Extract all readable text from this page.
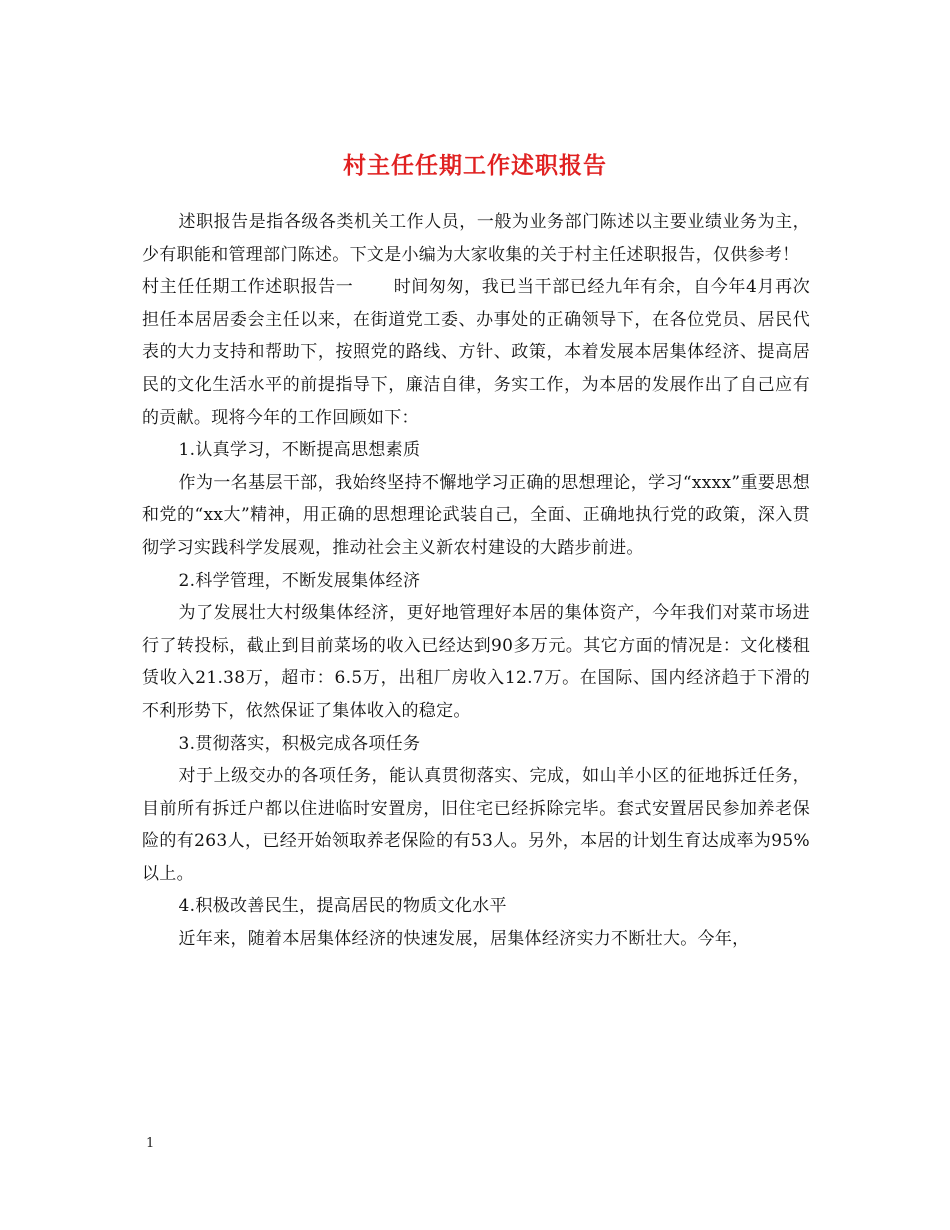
村主任任期工作述职报告

述职报告是指各级各类机关工作人员，一般为业务部门陈述以主要业绩业务为主，少有职能和管理部门陈述。下文是小编为大家收集的关于村主任述职报告，仅供参考！

村主任任期工作述职报告一 时间匆匆，我已当干部已经九年有余，自今年4月再次担任本居居委会主任以来，在街道党工委、办事处的正确领导下，在各位党员、居民代表的大力支持和帮助下，按照党的路线、方针、政策，本着发展本居集体经济、提高居民的文化生活水平的前提指导下，廉洁自律，务实工作，为本居的发展作出了自己应有的贡献。现将今年的工作回顾如下：

1.认真学习，不断提高思想素质

作为一名基层干部，我始终坚持不懈地学习正确的思想理论，学习“xxxx”重要思想和党的“xx大”精神，用正确的思想理论武装自己，全面、正确地执行党的政策，深入贯彻学习实践科学发展观，推动社会主义新农村建设的大踏步前进。

2.科学管理，不断发展集体经济

为了发展壮大村级集体经济，更好地管理好本居的集体资产，今年我们对菜市场进行了转投标，截止到目前菜场的收入已经达到90多万元。其它方面的情况是：文化楼租赁收入21.38万，超市：6.5万，出租厂房收入12.7万。在国际、国内经济趋于下滑的不利形势下，依然保证了集体收入的稳定。

3.贯彻落实，积极完成各项任务

对于上级交办的各项任务，能认真贯彻落实、完成，如山羊小区的征地拆迁任务，目前所有拆迁户都以住进临时安置房，旧住宅已经拆除完毕。套式安置居民参加养老保险的有263人，已经开始领取养老保险的有53人。另外，本居的计划生育达成率为95%以上。

4.积极改善民生，提高居民的物质文化水平

近年来，随着本居集体经济的快速发展，居集体经济实力不断壮大。今年，

1
